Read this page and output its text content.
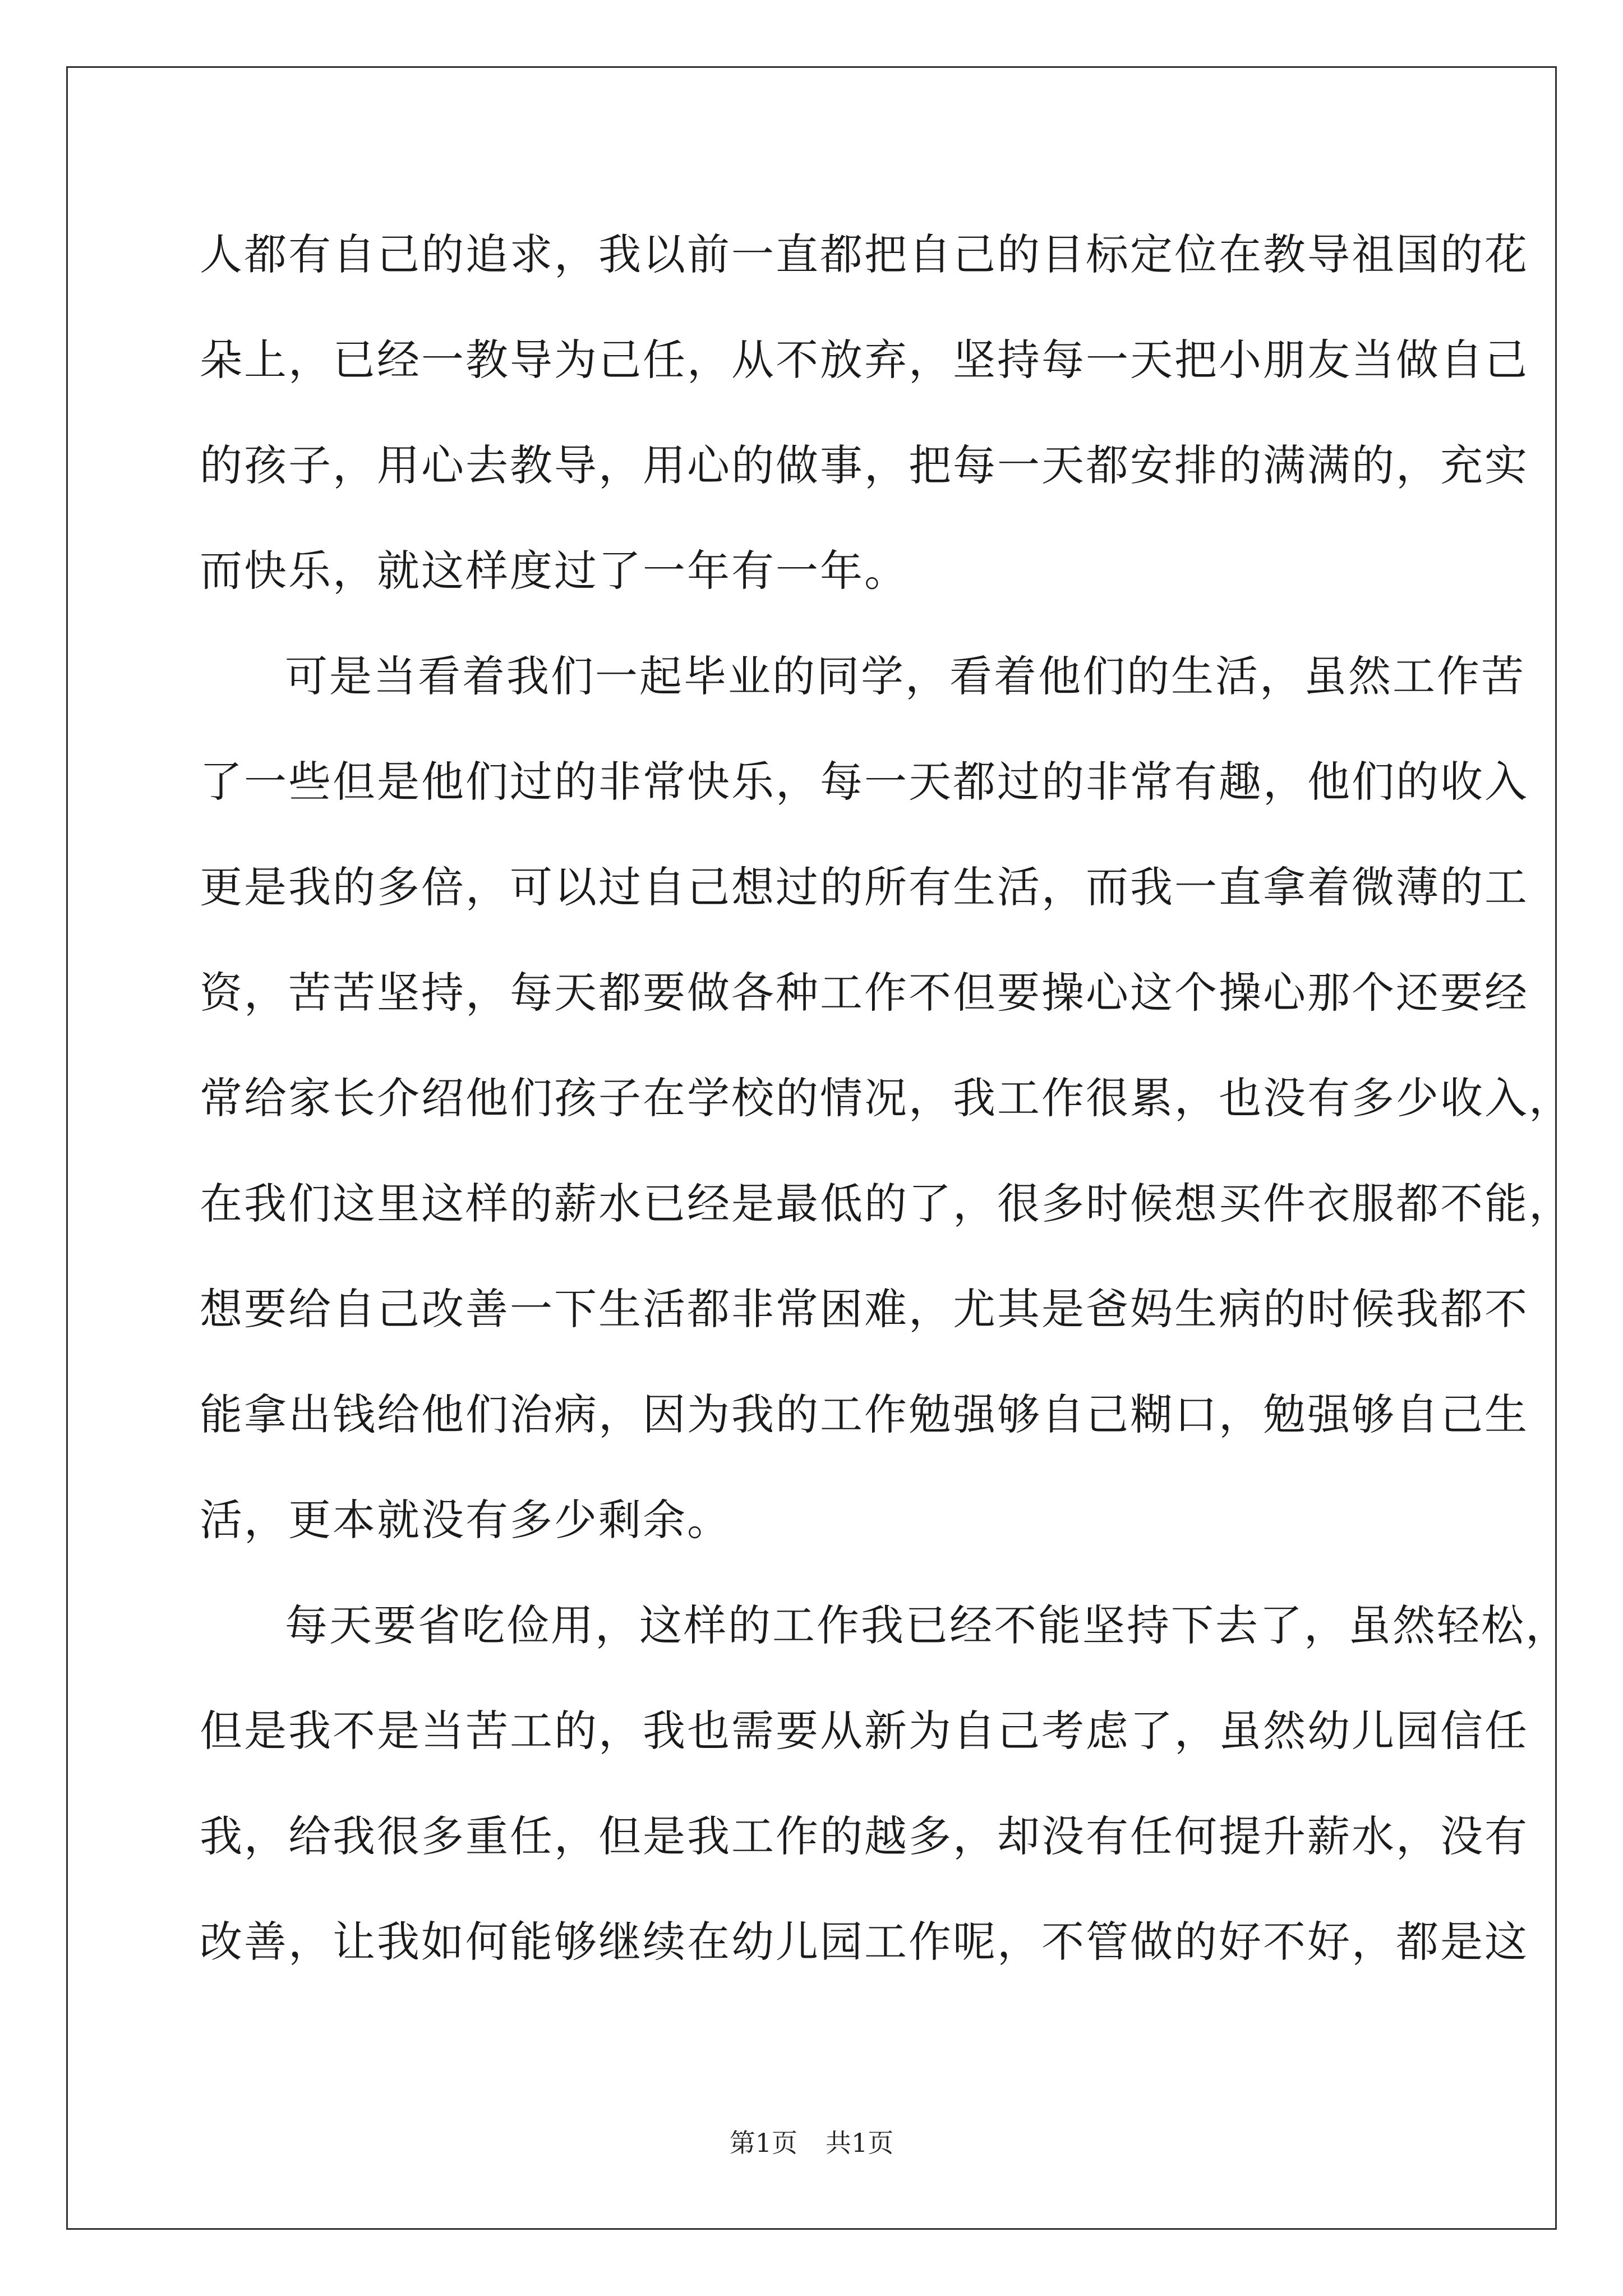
人都有自己的追求，我以前一直都把自己的目标定位在教导祖国的花
朵上，已经一教导为己任，从不放弃，坚持每一天把小朋友当做自己
的孩子，用心去教导，用心的做事，把每一天都安排的满满的，充实
而快乐，就这样度过了一年有一年。
可是当看着我们一起毕业的同学，看着他们的生活，虽然工作苦
了一些但是他们过的非常快乐，每一天都过的非常有趣，他们的收入
更是我的多倍，可以过自己想过的所有生活，而我一直拿着微薄的工
资，苦苦坚持，每天都要做各种工作不但要操心这个操心那个还要经
常给家长介绍他们孩子在学校的情况，我工作很累，也没有多少收入，
在我们这里这样的薪水已经是最低的了，很多时候想买件衣服都不能，
想要给自己改善一下生活都非常困难，尤其是爸妈生病的时候我都不
能拿出钱给他们治病，因为我的工作勉强够自己糊口，勉强够自己生
活，更本就没有多少剩余。
每天要省吃俭用，这样的工作我已经不能坚持下去了，虽然轻松，
但是我不是当苦工的，我也需要从新为自己考虑了，虽然幼儿园信任
我，给我很多重任，但是我工作的越多，却没有任何提升薪水，没有
改善，让我如何能够继续在幼儿园工作呢，不管做的好不好，都是这
第1页 共1页
